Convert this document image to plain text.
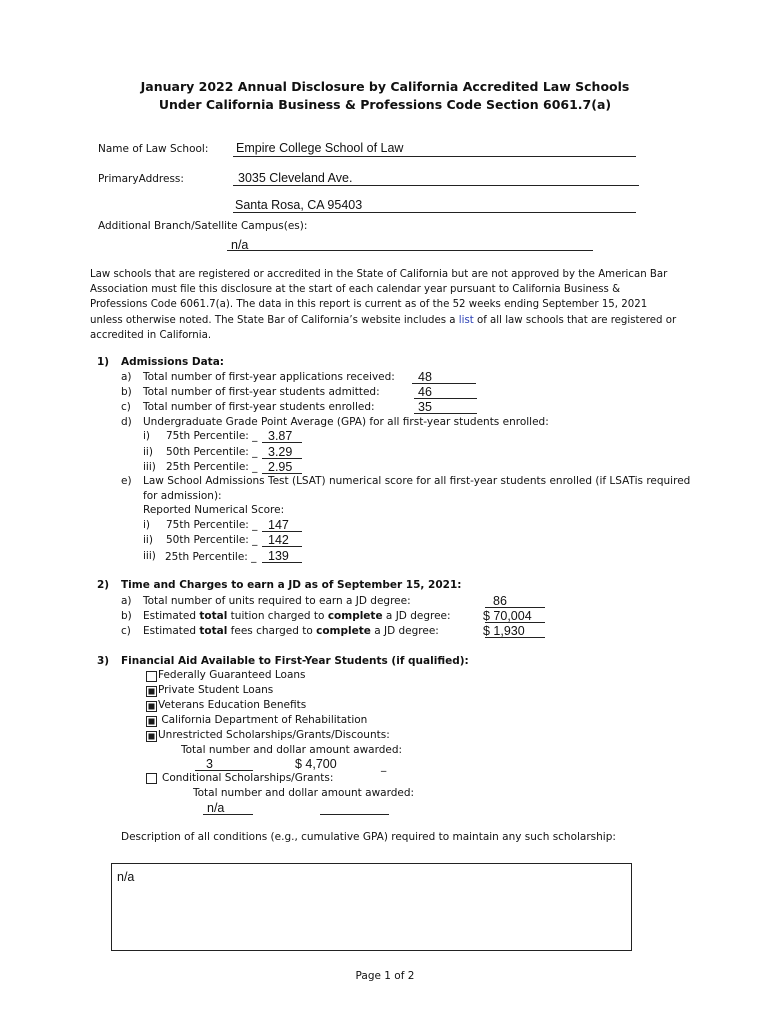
January 2022 Annual Disclosure by California Accredited Law Schools
Under California Business & Professions Code Section 6061.7(a)
Name of Law School: Empire College School of Law
PrimaryAddress:	3035 Cleveland Ave.
Santa Rosa, CA 95403
Additional Branch/Satellite Campus(es):
n/a
Law schools that are registered or accredited in the State of California but are not approved by the American Bar Association must file this disclosure at the start of each calendar year pursuant to California Business & Professions Code 6061.7(a). The data in this report is current as of the 52 weeks ending September 15, 2021 unless otherwise noted. The State Bar of California’s website includes a list of all law schools that are registered or accredited in California.
1) Admissions Data:
a) Total number of first-year applications received: 48
b) Total number of first-year students admitted:	46
c) Total number of first-year students enrolled:	35
d) Undergraduate Grade Point Average (GPA) for all first-year students enrolled:
i) 75th Percentile: _ 3.87
ii) 50th Percentile: _ 3.29
iii) 25th Percentile: _ 2.95
e) Law School Admissions Test (LSAT) numerical score for all first-year students enrolled (if LSATis required
for admission):
Reported Numerical Score:
i) 75th Percentile: _ 147
ii) 50th Percentile: _ 142
iii) 25th Percentile: _ 139
2) Time and Charges to earn a JD as of September 15, 2021:
a) Total number of units required to earn a JD degree:	86
b) Estimated total tuition charged to complete a JD degree:	$ 70,004
c) Estimated total fees charged to complete a JD degree:	$ 1,930
3) Financial Aid Available to First-Year Students (if qualified):
Federally Guaranteed Loans
Private Student Loans
Veterans Education Benefits
California Department of Rehabilitation
Unrestricted Scholarships/Grants/Discounts:
Total number and dollar amount awarded:
3	$ 4,700	_
Conditional Scholarships/Grants:
Total number and dollar amount awarded:
n/a
Description of all conditions (e.g., cumulative GPA) required to maintain any such scholarship:
n/a
Page 1 of 2
